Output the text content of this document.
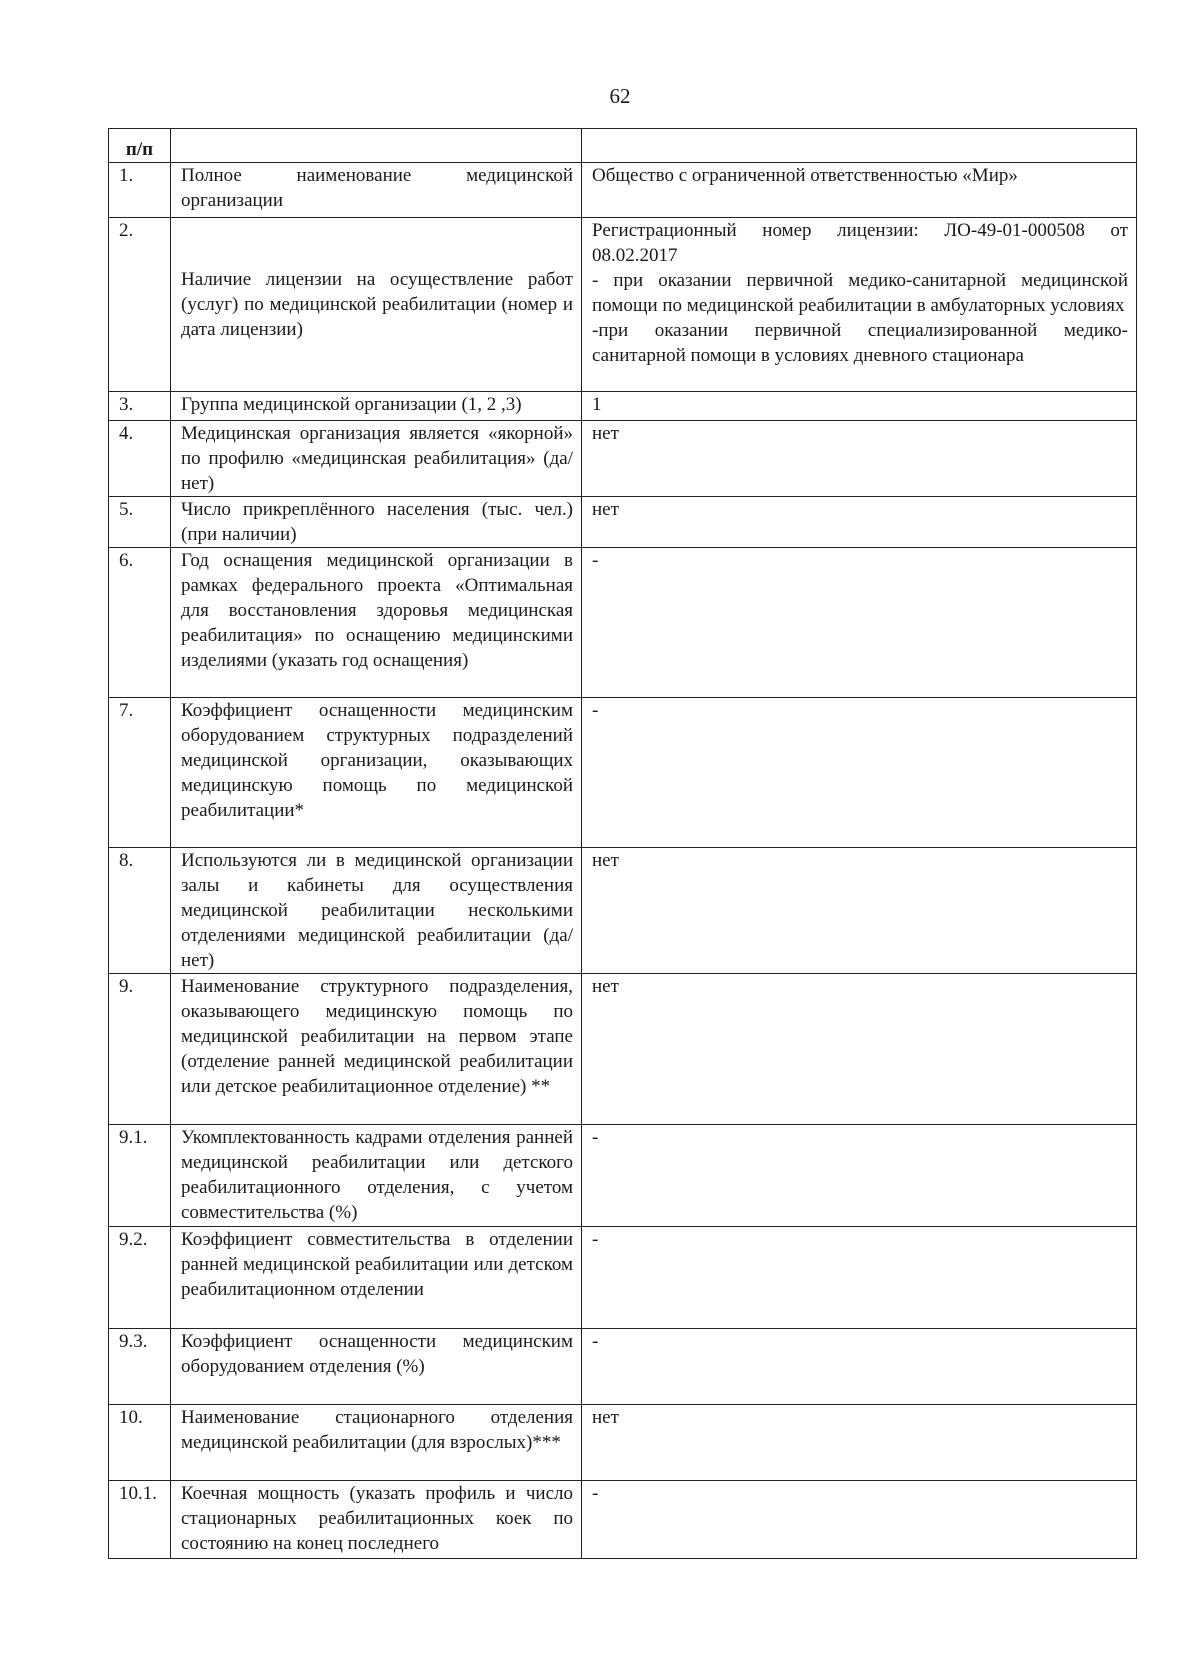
62
п/п		
1.	Полное наименование медицинской организации	Общество с ограниченной ответственностью «Мир»
2.	Наличие лицензии на осуществление работ (услуг) по медицинской реабилитации (номер и дата лицензии)	Регистрационный номер лицензии: ЛО-49-01-000508 от 08.02.2017
- при оказании первичной медико-санитарной медицинской помощи по медицинской реабилитации в амбулаторных условиях
-при оказании первичной специализированной медико-санитарной помощи в условиях дневного стационара

3.	Группа медицинской организации (1, 2 ,3)	1
4.	Медицинская организация является «якорной» по профилю «медицинская реабилитация» (да/нет)	нет
5.	Число прикреплённого населения (тыс. чел.) (при наличии)	нет
6.	Год оснащения медицинской организации в рамках федерального проекта «Оптимальная для восстановления здоровья медицинская реабилитация» по оснащению медицинскими изделиями (указать год оснащения)	-
7.	Коэффициент оснащенности медицинским оборудованием структурных подразделений медицинской организации, оказывающих медицинскую помощь по медицинской реабилитации*	-
8.	Используются ли в медицинской организации залы и кабинеты для осуществления медицинской реабилитации несколькими отделениями медицинской реабилитации (да/нет)	нет
9.	Наименование структурного подразделения, оказывающего медицинскую помощь по медицинской реабилитации на первом этапе (отделение ранней медицинской реабилитации или детское реабилитационное отделение) **	нет
9.1.	Укомплектованность кадрами отделения ранней медицинской реабилитации или детского реабилитационного отделения, с учетом совместительства (%)	-
9.2.	Коэффициент совместительства в отделении ранней медицинской реабилитации или детском реабилитационном отделении	-
9.3.	Коэффициент оснащенности медицинским оборудованием отделения (%)	-
10.	Наименование стационарного отделения медицинской реабилитации (для взрослых)***	нет
10.1.	Коечная мощность (указать профиль и число стационарных реабилитационных коек по состоянию на конец последнего	-
